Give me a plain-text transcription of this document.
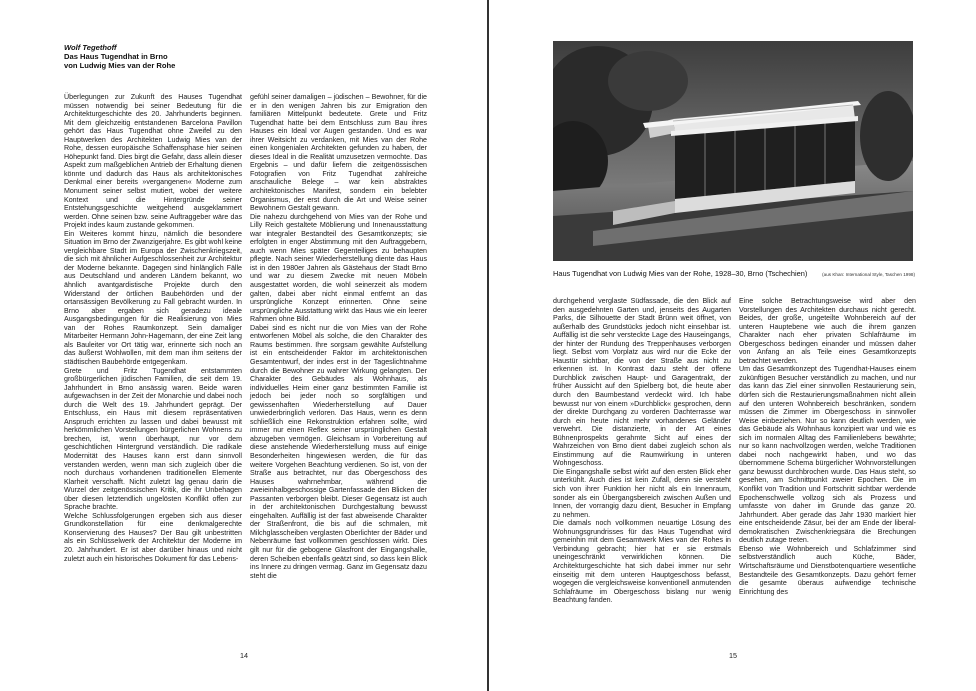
Wolf Tegethoff
Das Haus Tugendhat in Brno
von Ludwig Mies van der Rohe
Überlegungen zur Zukunft des Hauses Tugendhat müssen notwendig bei seiner Bedeutung für die Architekturgeschichte des 20. Jahrhunderts beginnen. Mit dem gleichzeitig entstandenen Barcelona Pavillon gehört das Haus Tugendhat ohne Zweifel zu den Hauptwerken des Architekten Ludwig Mies van der Rohe, dessen europäische Schaffensphase hier seinen Höhepunkt fand. Dies birgt die Gefahr, dass allein dieser Aspekt zum maßgeblichen Antrieb der Erhaltung dienen könnte und dadurch das Haus als architektonisches Denkmal einer bereits »vergangenen« Moderne zum Monument seiner selbst mutiert, wobei der weitere Kontext und die Hintergründe seiner Entstehungsgeschichte weitgehend ausgeklammert werden. Ohne seinen bzw. seine Auftraggeber wäre das Projekt indes kaum zustande gekommen.
Ein Weiteres kommt hinzu, nämlich die besondere Situation im Brno der Zwanzigerjahre. Es gibt wohl keine vergleichbare Stadt im Europa der Zwischenkriegszeit, die sich mit ähnlicher Aufgeschlossenheit zur Architektur der Moderne bekannte. Dagegen sind hinlänglich Fälle aus Deutschland und anderen Ländern bekannt, wo ähnlich avantgardistische Projekte durch den Widerstand der örtlichen Baubehörden und der ortansässigen Bevölkerung zu Fall gebracht wurden. In Brno aber ergaben sich geradezu ideale Ausgangsbedingungen für die Realisierung von Mies van der Rohes Raumkonzept. Sein damaliger Mitarbeiter Hermann John-Hagemann, der eine Zeit lang als Bauleiter vor Ort tätig war, erinnerte sich noch an das äußerst Wohlwollen, mit dem man ihm seitens der städtischen Baubehörde entgegenkam.
Grete und Fritz Tugendhat entstammten großbürgerlichen jüdischen Familien, die seit dem 19. Jahrhundert in Brno ansässig waren. Beide waren aufgewachsen in der Zeit der Monarchie und dabei noch durch die Welt des 19. Jahrhundert geprägt. Der Entschluss, ein Haus mit diesem repräsentativen Anspruch errichten zu lassen und dabei bewusst mit herkömmlichen Vorstellungen bürgerlichen Wohnens zu brechen, ist, wenn überhaupt, nur vor dem geschichtlichen Hintergrund verständlich. Die radikale Modernität des Hauses kann erst dann sinnvoll verstanden werden, wenn man sich zugleich über die noch durchaus vorhandenen traditionellen Elemente Klarheit verschafft. Nicht zuletzt lag genau darin die Wurzel der zeitgenössischen Kritik, die ihr Unbehagen über diesen letztendlich ungelösten Konflikt offen zur Sprache brachte.
Welche Schlussfolgerungen ergeben sich aus dieser Grundkonstellation für eine denkmalgerechte Konservierung des Hauses? Der Bau gilt unbestritten als ein Schlüsselwerk der Architektur der Moderne im 20. Jahrhundert. Er ist aber darüber hinaus und nicht zuletzt auch ein historisches Dokument für das Lebens-
gefühl seiner damaligen – jüdischen – Bewohner, für die er in den wenigen Jahren bis zur Emigration den familiären Mittelpunkt bedeutete. Grete und Fritz Tugendhat hatte bei dem Entschluss zum Bau ihres Hauses ein Ideal vor Augen gestanden. Und es war ihrer Weitsicht zu verdanken, mit Mies van der Rohe einen kongenialen Architekten gefunden zu haben, der dieses Ideal in die Realität umzusetzen vermochte. Das Ergebnis – und dafür liefern die zeitgenössischen Fotografien von Fritz Tugendhat zahlreiche anschauliche Belege – war kein abstraktes architektonisches Manifest, sondern ein belebter Organismus, der erst durch die Art und Weise seiner Bewohnern Gestalt gewann.
Die nahezu durchgehend von Mies van der Rohe und Lilly Reich gestaltete Möblierung und Innenausstattung war integraler Bestandteil des Gesamtkonzepts; sie erfolgten in enger Abstimmung mit den Auftraggebern, auch wenn Mies später Gegenteiliges zu behaupten pflegte. Nach seiner Wiederherstellung diente das Haus ist in den 1980er Jahren als Gästehaus der Stadt Brno und war zu diesem Zwecke mit neuen Möbeln ausgestattet worden, die wohl seinerzeit als modern galten, dabei aber nicht einmal entfernt an das ursprüngliche Konzept erinnerten. Ohne seine ursprüngliche Ausstattung wirkt das Haus wie ein leerer Rahmen ohne Bild.
Dabei sind es nicht nur die von Mies van der Rohe entworfenen Möbel als solche, die den Charakter des Raums bestimmen. Ihre sorgsam gewählte Aufstellung ist ein entscheidender Faktor im architektonischen Gesamtentwurf, der indes erst in der Tageslichtnahme durch die Bewohner zu wahrer Wirkung gelangten. Der Charakter des Gebäudes als Wohnhaus, als individuelles Heim einer ganz bestimmten Familie ist jedoch bei jeder noch so sorgfältigen und gewissenhaften Wiederherstellung auf Dauer unwiederbringlich verloren. Das Haus, wenn es denn schließlich eine Rekonstruktion erfahren sollte, wird immer nur einen Reflex seiner ursprünglichen Gestalt abzugeben vermögen. Gleichsam in Vorbereitung auf diese anstehende Wiederherstellung muss auf einige Besonderheiten hingewiesen werden, die für das weitere Vorgehen Beachtung verdienen. So ist, von der Straße aus betrachtet, nur das Obergeschoss des Hauses wahrnehmbar, während die zweieinhalbgeschossige Gartenfassade den Blicken der Passanten verborgen bleibt. Dieser Gegensatz ist auch in der architektonischen Durchgestaltung bewusst eingehalten. Auffällig ist der fast abweisende Charakter der Straßenfront, die bis auf die schmalen, mit Milchglasscheiben verglasten Oberlichter der Bäder und Nebenräume fast vollkommen geschlossen wirkt. Dies gilt nur für die gebogene Glasfront der Eingangshalle, deren Scheiben ebenfalls geätzt sind, so dass kein Blick ins Innere zu dringen vermag. Ganz im Gegensatz dazu steht die
14
Haus Tugendhat von Ludwig Mies van der Rohe, 1928–30, Brno (Tschechien)	(aus Khan: International Style, Taschen 1998)
durchgehend verglaste Südfassade, die den Blick auf den ausgedehnten Garten und, jenseits des Augarten Parks, die Silhouette der Stadt Brünn weit öffnet, von außerhalb des Grundstücks jedoch nicht einsehbar ist. Auffällig ist die sehr versteckte Lage des Hauseingangs, der hinter der Rundung des Treppenhauses verborgen liegt. Selbst vom Vorplatz aus wird nur die Ecke der Haustür sichtbar, die von der Straße aus nicht zu erkennen ist. In Kontrast dazu steht der offene Durchblick zwischen Haupt- und Garagentrakt, der früher Aussicht auf den Spielberg bot, die heute aber durch den Baumbestand verdeckt wird. Ich habe bewusst nur von einem »Durchblick« gesprochen, denn der direkte Durchgang zu vorderen Dachterrasse war durch ein heute nicht mehr vorhandenes Geländer verwehrt. Die distanzierte, in der Art eines Bühnenprospekts gerahmte Sicht auf eines der Wahrzeichen von Brno dient dabei zugleich schon als Einstimmung auf die Raumwirkung in unteren Wohngeschoss.
Die Eingangshalle selbst wirkt auf den ersten Blick eher unterkühlt. Auch dies ist kein Zufall, denn sie versteht sich von ihrer Funktion her nicht als ein Innenraum, sonder als ein Übergangsbereich zwischen Außen und Innen, der vorrangig dazu dient, Besucher in Empfang zu nehmen.
Die damals noch vollkommen neuartige Lösung des Wohnungsgrundrisses für das Haus Tugendhat wird gemeinhin mit dem Gesamtwerk Mies van der Rohes in Verbindung gebracht; hier hat er sie erstmals uneingeschränkt verwirklichen können. Die Architekturgeschichte hat sich dabei immer nur sehr einseitig mit dem unteren Hauptgeschoss befasst, wogegen die vergleichsweise konventionell anmutenden Schlafräume im Obergeschoss bislang nur wenig Beachtung fanden.
Eine solche Betrachtungsweise wird aber den Vorstellungen des Architekten durchaus nicht gerecht. Beides, der große, ungeteilte Wohnbereich auf der unteren Hauptebene wie auch die ihrem ganzen Charakter nach eher privaten Schlafräume im Obergeschoss bedingen einander und müssen daher von Anfang an als Teile eines Gesamtkonzepts betrachtet werden.
Um das Gesamtkonzept des Tugendhat-Hauses einem zukünftigen Besucher verständlich zu machen, und nur das kann das Ziel einer sinnvollen Restaurierung sein, dürfen sich die Restaurierungsmaßnahmen nicht allein auf den unteren Wohnbereich beschränken, sondern müssen die Zimmer im Obergeschoss in sinnvoller Weise einbeziehen. Nur so kann deutlich werden, wie das Gebäude als Wohnhaus konzipiert war und wie es sich im normalen Alltag des Familienlebens bewährte; nur so kann nachvollzogen werden, welche Traditionen dabei noch nachgewirkt haben, und wo das übernommene Schema bürgerlicher Wohnvorstellungen ganz bewusst durchbrochen wurde. Das Haus steht, so gesehen, am Schnittpunkt zweier Epochen. Die im Konflikt von Tradition und Fortschritt sichtbar werdende Epochenschwelle vollzog sich als Prozess und umfasste von daher im Grunde das ganze 20. Jahrhundert. Aber gerade das Jahr 1930 markiert hier eine entscheidende Zäsur, bei der am Ende der liberal-demokratischen Zwischenkriegsära die Brechungen deutlich zutage treten.
Ebenso wie Wohnbereich und Schlafzimmer sind selbstverständlich auch Küche, Bäder, Wirtschaftsräume und Dienstbotenquartiere wesentliche Bestandteile des Gesamtkonzepts. Dazu gehört ferner die gesamte überaus aufwendige technische Einrichtung des
15
